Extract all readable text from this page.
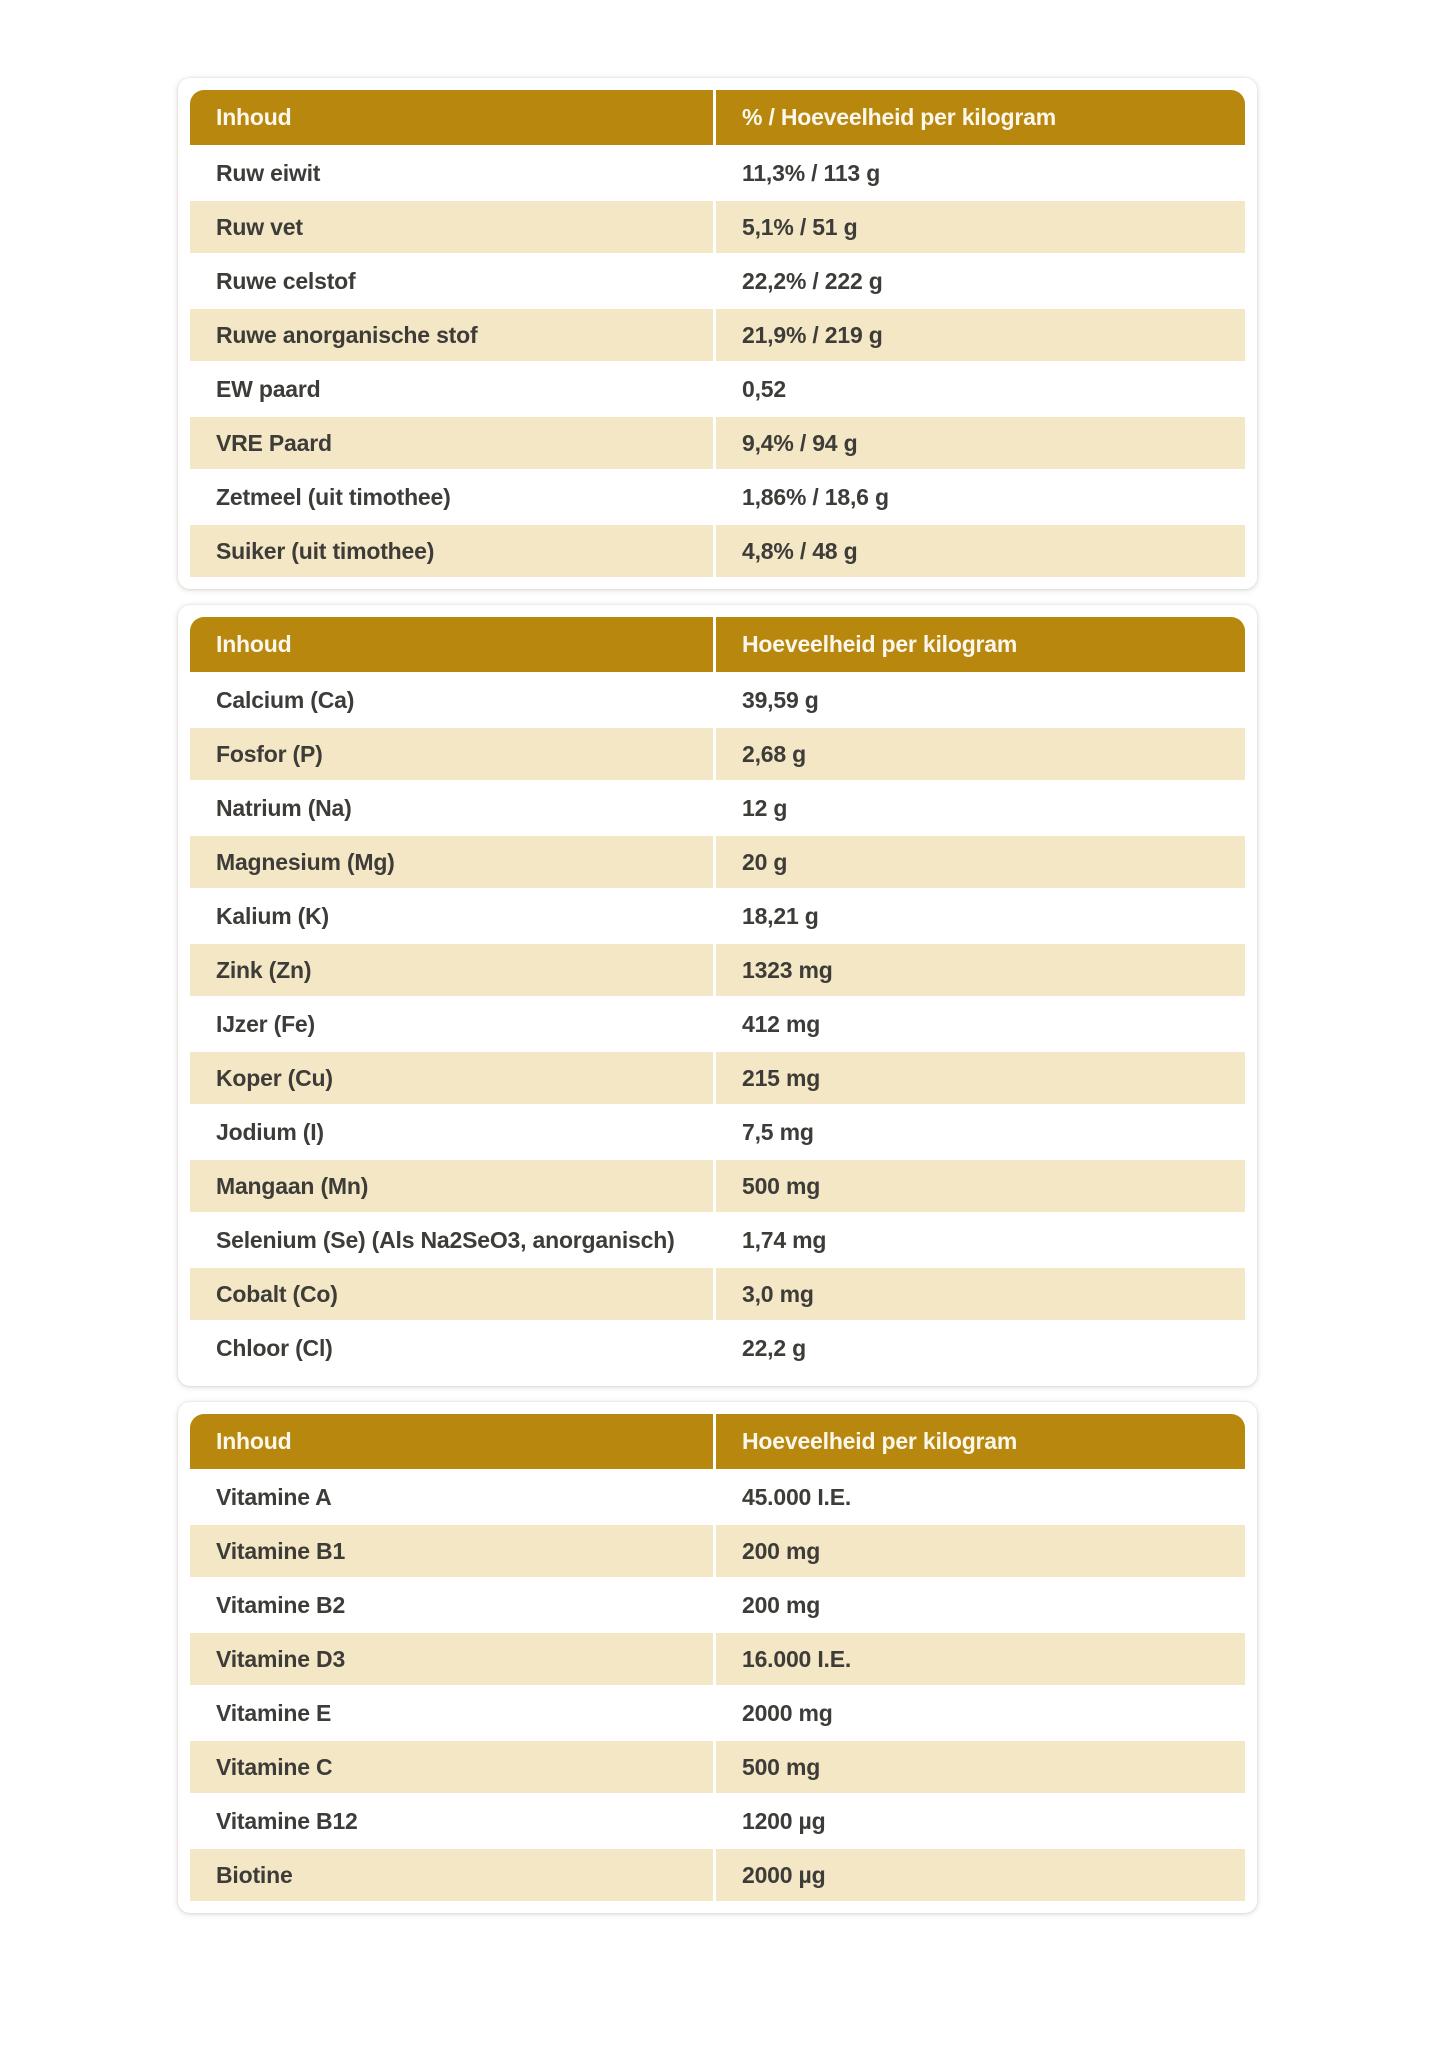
Inhoud	% / Hoeveelheid per kilogram
Ruw eiwit	11,3% / 113 g
Ruw vet	5,1% / 51 g
Ruwe celstof	22,2% / 222 g
Ruwe anorganische stof	21,9% / 219 g
EW paard	0,52
VRE Paard	9,4% / 94 g
Zetmeel (uit timothee)	1,86% / 18,6 g
Suiker (uit timothee)	4,8% / 48 g
Inhoud	Hoeveelheid per kilogram
Calcium (Ca)	39,59 g
Fosfor (P)	2,68 g
Natrium (Na)	12 g
Magnesium (Mg)	20 g
Kalium (K)	18,21 g
Zink (Zn)	1323 mg
IJzer (Fe)	412 mg
Koper (Cu)	215 mg
Jodium (I)	7,5 mg
Mangaan (Mn)	500 mg
Selenium (Se) (Als Na2SeO3, anorganisch)	1,74 mg
Cobalt (Co)	3,0 mg
Chloor (Cl)	22,2 g
Inhoud	Hoeveelheid per kilogram
Vitamine A	45.000 I.E.
Vitamine B1	200 mg
Vitamine B2	200 mg
Vitamine D3	16.000 I.E.
Vitamine E	2000 mg
Vitamine C	500 mg
Vitamine B12	1200 µg
Biotine	2000 µg
